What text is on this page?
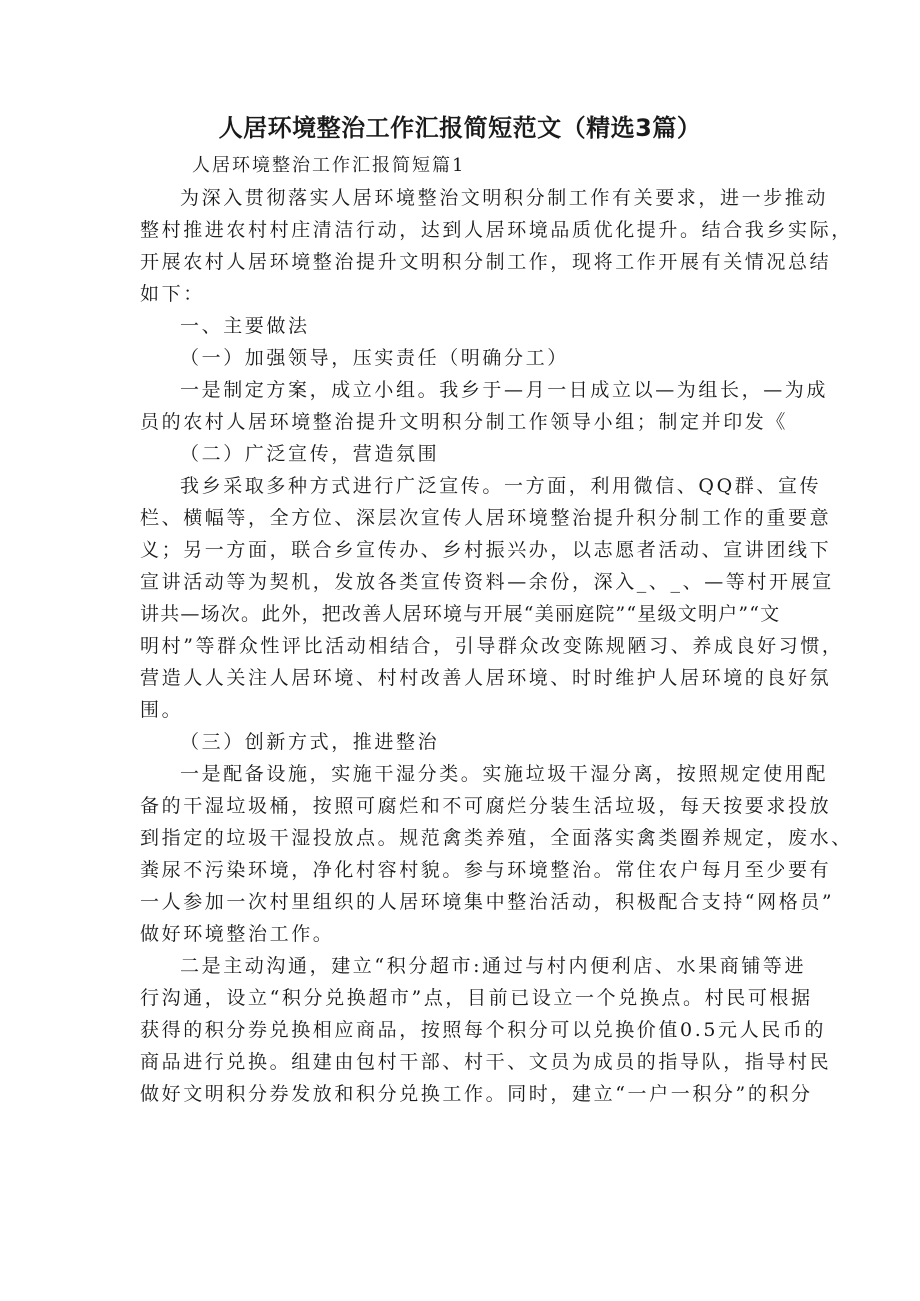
人居环境整治工作汇报简短范文（精选3篇）
人居环境整治工作汇报简短篇1
为深入贯彻落实人居环境整治文明积分制工作有关要求，进一步推动
整村推进农村村庄清洁行动，达到人居环境品质优化提升。结合我乡实际，
开展农村人居环境整治提升文明积分制工作，现将工作开展有关情况总结
如下：
一、主要做法
（一）加强领导，压实责任（明确分工）
一是制定方案，成立小组。我乡于—月一日成立以—为组长，—为成
员的农村人居环境整治提升文明积分制工作领导小组；制定并印发《
（二）广泛宣传，营造氛围
我乡采取多种方式进行广泛宣传。一方面，利用微信、QQ群、宣传
栏、横幅等，全方位、深层次宣传人居环境整治提升积分制工作的重要意
义；另一方面，联合乡宣传办、乡村振兴办，以志愿者活动、宣讲团线下
宣讲活动等为契机，发放各类宣传资料—余份，深入_、_、—等村开展宣
讲共—场次。此外，把改善人居环境与开展“美丽庭院”“星级文明户”“文
明村”等群众性评比活动相结合，引导群众改变陈规陋习、养成良好习惯，
营造人人关注人居环境、村村改善人居环境、时时维护人居环境的良好氛
围。
（三）创新方式，推进整治
一是配备设施，实施干湿分类。实施垃圾干湿分离，按照规定使用配
备的干湿垃圾桶，按照可腐烂和不可腐烂分装生活垃圾，每天按要求投放
到指定的垃圾干湿投放点。规范禽类养殖，全面落实禽类圈养规定，废水、
粪尿不污染环境，净化村容村貌。参与环境整治。常住农户每月至少要有
一人参加一次村里组织的人居环境集中整治活动，积极配合支持“网格员”
做好环境整治工作。
二是主动沟通，建立“积分超市:通过与村内便利店、水果商铺等进
行沟通，设立“积分兑换超市”点，目前已设立一个兑换点。村民可根据
获得的积分券兑换相应商品，按照每个积分可以兑换价值0.5元人民币的
商品进行兑换。组建由包村干部、村干、文员为成员的指导队，指导村民
做好文明积分券发放和积分兑换工作。同时，建立“一户一积分”的积分
